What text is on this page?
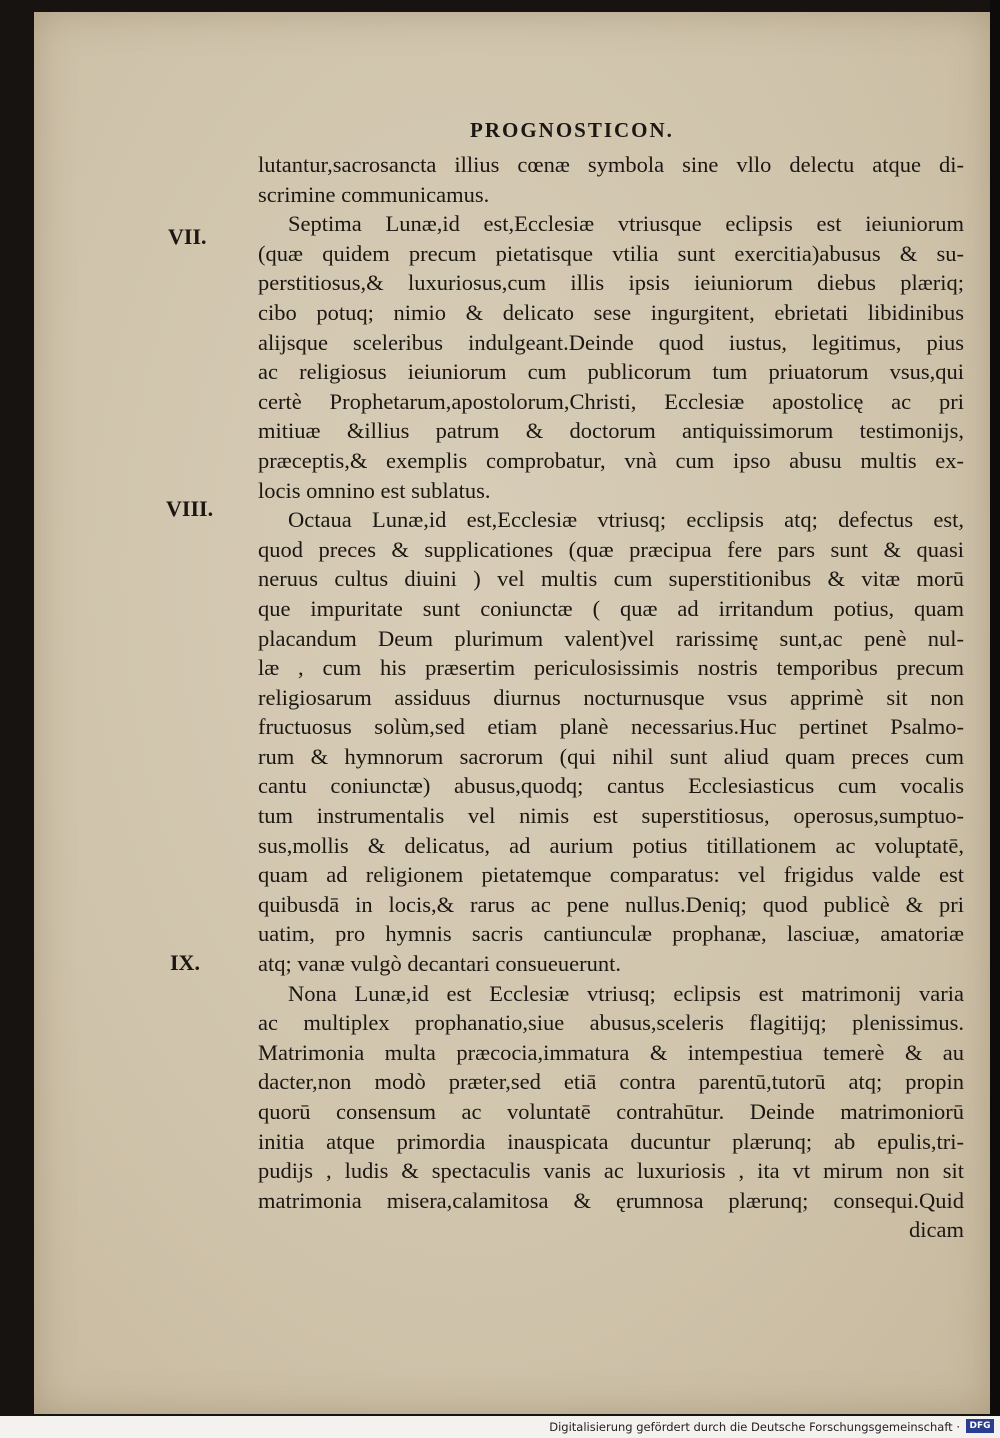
PROGNOSTICON.
VII.
VIII.
IX.
lutantur,sacrosancta illius cœnæ symbola sine vllo delectu atque di-
scrimine communicamus.
Septima Lunæ,id est,Ecclesiæ vtriusque eclipsis est ieiuniorum
(quæ quidem precum pietatisque vtilia sunt exercitia)abusus & su-
perstitiosus,& luxuriosus,cum illis ipsis ieiuniorum diebus plæriq;
cibo potuq; nimio & delicato sese ingurgitent, ebrietati libidinibus
alijsque sceleribus indulgeant.Deinde quod iustus, legitimus, pius
ac religiosus ieiuniorum cum publicorum tum priuatorum vsus,qui
certè Prophetarum,apostolorum,Christi, Ecclesiæ apostolicę ac pri
mitiuæ &illius patrum & doctorum antiquissimorum testimonijs,
præceptis,& exemplis comprobatur, vnà cum ipso abusu multis ex-
locis omnino est sublatus.
Octaua Lunæ,id est,Ecclesiæ vtriusq; ecclipsis atq; defectus est,
quod preces & supplicationes (quæ præcipua fere pars sunt & quasi
neruus cultus diuini ) vel multis cum superstitionibus & vitæ morū
que impuritate sunt coniunctæ ( quæ ad irritandum potius, quam
placandum Deum plurimum valent)vel rarissimę sunt,ac penè nul-
læ , cum his præsertim periculosissimis nostris temporibus precum
religiosarum assiduus diurnus nocturnusque vsus apprimè sit non
fructuosus solùm,sed etiam planè necessarius.Huc pertinet Psalmo-
rum & hymnorum sacrorum (qui nihil sunt aliud quam preces cum
cantu coniunctæ) abusus,quodq; cantus Ecclesiasticus cum vocalis
tum instrumentalis vel nimis est superstitiosus, operosus,sumptuo-
sus,mollis & delicatus, ad aurium potius titillationem ac voluptatē,
quam ad religionem pietatemque comparatus: vel frigidus valde est
quibusdā in locis,& rarus ac pene nullus.Deniq; quod publicè & pri
uatim, pro hymnis sacris cantiunculæ prophanæ, lasciuæ, amatoriæ
atq; vanæ vulgò decantari consueuerunt.
Nona Lunæ,id est Ecclesiæ vtriusq; eclipsis est matrimonij varia
ac multiplex prophanatio,siue abusus,sceleris flagitijq; plenissimus.
Matrimonia multa præcocia,immatura & intempestiua temerè & au
dacter,non modò præter,sed etiā contra parentū,tutorū atq; propin
quorū consensum ac voluntatē contrahūtur. Deinde matrimoniorū
initia atque primordia inauspicata ducuntur plærunq; ab epulis,tri-
pudijs , ludis & spectaculis vanis ac luxuriosis , ita vt mirum non sit
matrimonia misera,calamitosa & ęrumnosa plærunq; consequi.Quid
dicam
Digitalisierung gefördert durch die Deutsche Forschungsgemeinschaft ·	DFG
